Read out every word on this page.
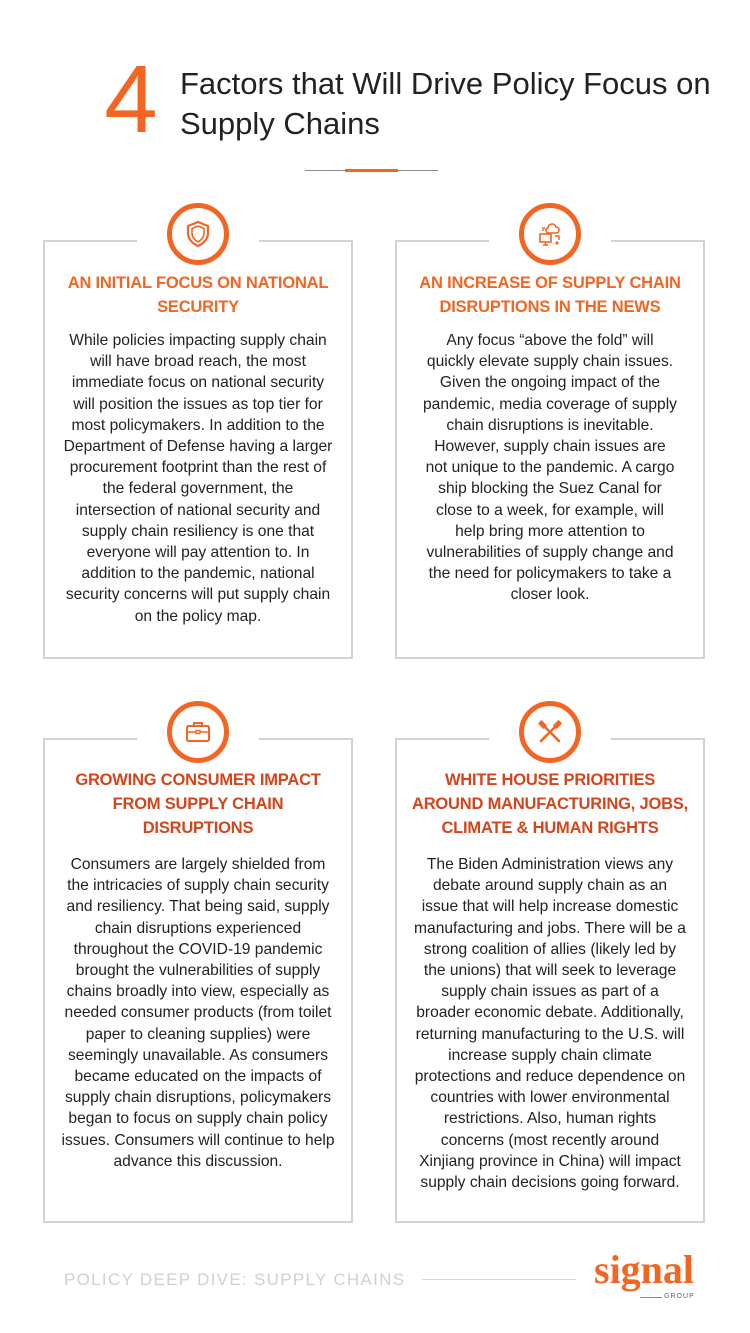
4 Factors that Will Drive Policy Focus on Supply Chains
AN INITIAL FOCUS ON NATIONAL SECURITY

While policies impacting supply chain will have broad reach, the most immediate focus on national security will position the issues as top tier for most policymakers. In addition to the Department of Defense having a larger procurement footprint than the rest of the federal government, the intersection of national security and supply chain resiliency is one that everyone will pay attention to. In addition to the pandemic, national security concerns will put supply chain on the policy map.

AN INCREASE OF SUPPLY CHAIN DISRUPTIONS IN THE NEWS

Any focus “above the fold” will quickly elevate supply chain issues. Given the ongoing impact of the pandemic, media coverage of supply chain disruptions is inevitable. However, supply chain issues are not unique to the pandemic. A cargo ship blocking the Suez Canal for close to a week, for example, will help bring more attention to vulnerabilities of supply change and the need for policymakers to take a closer look.

GROWING CONSUMER IMPACT FROM SUPPLY CHAIN DISRUPTIONS

Consumers are largely shielded from the intricacies of supply chain security and resiliency. That being said, supply chain disruptions experienced throughout the COVID-19 pandemic brought the vulnerabilities of supply chains broadly into view, especially as needed consumer products (from toilet paper to cleaning supplies) were seemingly unavailable. As consumers became educated on the impacts of supply chain disruptions, policymakers began to focus on supply chain policy issues. Consumers will continue to help advance this discussion.

WHITE HOUSE PRIORITIES AROUND MANUFACTURING, JOBS, CLIMATE & HUMAN RIGHTS

The Biden Administration views any debate around supply chain as an issue that will help increase domestic manufacturing and jobs. There will be a strong coalition of allies (likely led by the unions) that will seek to leverage supply chain issues as part of a broader economic debate. Additionally, returning manufacturing to the U.S. will increase supply chain climate protections and reduce dependence on countries with lower environmental restrictions. Also, human rights concerns (most recently around Xinjiang province in China) will impact supply chain decisions going forward.

POLICY DEEP DIVE: SUPPLY CHAINS	signal
GROUP
